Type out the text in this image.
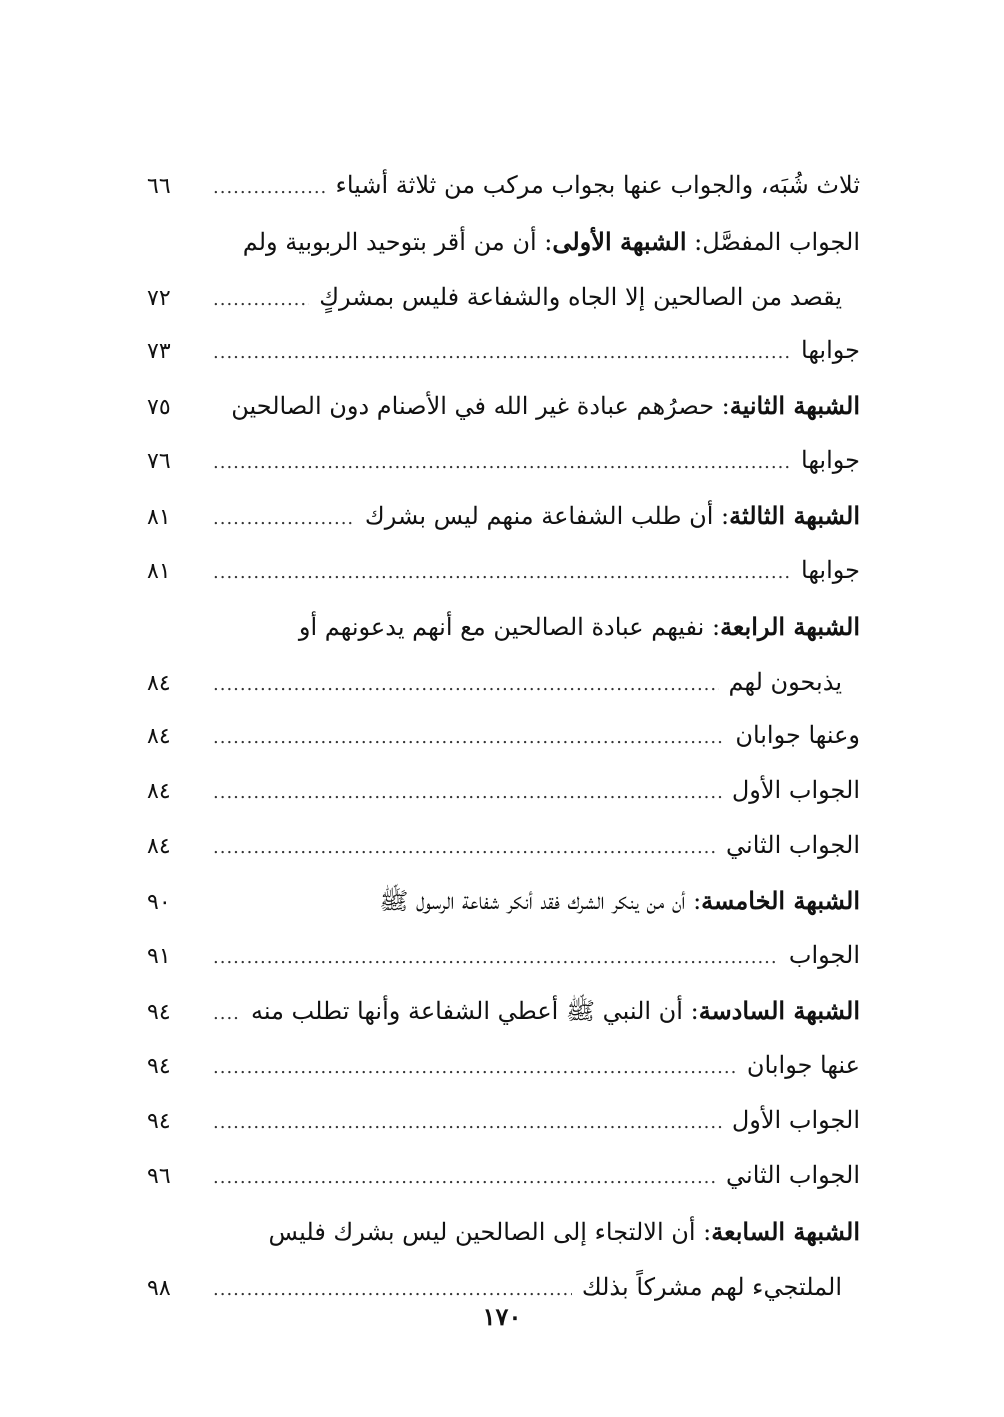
ثلاث شُبَه، والجواب عنها بجواب مركب من ثلاثة أشياء
.....
٦٦
الجواب المفصَّل: الشبهة الأولى: أن من أقر بتوحيد الربوبية ولم
يقصد من الصالحين إلا الجاه والشفاعة فليس بمشركٍ
.....
٧٢
جوابها
.....
٧٣
الشبهة الثانية: حصرُهم عبادة غير الله في الأصنام دون الصالحين
٧٥
جوابها
.....
٧٦
الشبهة الثالثة: أن طلب الشفاعة منهم ليس بشرك
.....
٨١
جوابها
.....
٨١
الشبهة الرابعة: نفيهم عبادة الصالحين مع أنهم يدعونهم أو
يذبحون لهم
.....
٨٤
وعنها جوابان
.....
٨٤
الجواب الأول
.....
٨٤
الجواب الثاني
.....
٨٤
الشبهة الخامسة: أن من ينكر الشرك فقد أنكر شفاعة الرسول ﷺ
٩٠
الجواب
.....
٩١
الشبهة السادسة: أن النبي ﷺ أعطي الشفاعة وأنها تطلب منه
.....
٩٤
عنها جوابان
.....
٩٤
الجواب الأول
.....
٩٤
الجواب الثاني
.....
٩٦
الشبهة السابعة: أن الالتجاء إلى الصالحين ليس بشرك فليس
الملتجيء لهم مشركاً بذلك
.....
٩٨
١٧٠
